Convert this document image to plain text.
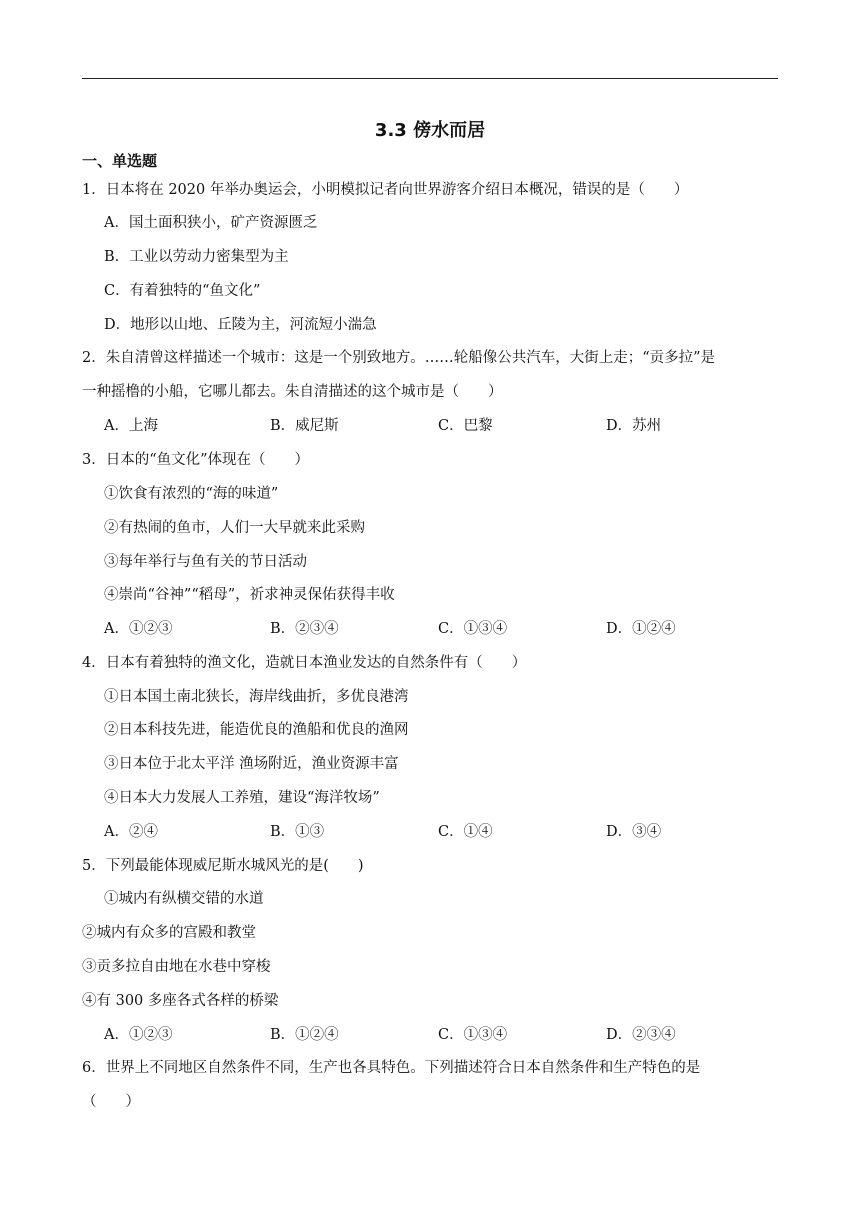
3.3 傍水而居
一、单选题
1．日本将在 2020 年举办奥运会，小明模拟记者向世界游客介绍日本概况，错误的是（　　）
A．国土面积狭小，矿产资源匮乏
B．工业以劳动力密集型为主
C．有着独特的“鱼文化”
D．地形以山地、丘陵为主，河流短小湍急
2．朱自清曾这样描述一个城市：这是一个别致地方。……轮船像公共汽车，大街上走；“贡多拉”是
一种摇橹的小船，它哪儿都去。朱自清描述的这个城市是（　　）
A．上海	B．威尼斯	C．巴黎	D．苏州
3．日本的“鱼文化”体现在（　　）
①饮食有浓烈的“海的味道”
②有热闹的鱼市，人们一大早就来此采购
③每年举行与鱼有关的节日活动
④崇尚“谷神”“稻母”，祈求神灵保佑获得丰收
A．①②③	B．②③④	C．①③④	D．①②④
4．日本有着独特的渔文化，造就日本渔业发达的自然条件有（　　）
①日本国土南北狭长，海岸线曲折，多优良港湾
②日本科技先进，能造优良的渔船和优良的渔网
③日本位于北太平洋 渔场附近，渔业资源丰富
④日本大力发展人工养殖，建设“海洋牧场”
A．②④	B．①③	C．①④	D．③④
5．下列最能体现威尼斯水城风光的是(　　)
①城内有纵横交错的水道
②城内有众多的宫殿和教堂
③贡多拉自由地在水巷中穿梭
④有 300 多座各式各样的桥梁
A．①②③	B．①②④	C．①③④	D．②③④
6．世界上不同地区自然条件不同，生产也各具特色。下列描述符合日本自然条件和生产特色的是
（　　）
